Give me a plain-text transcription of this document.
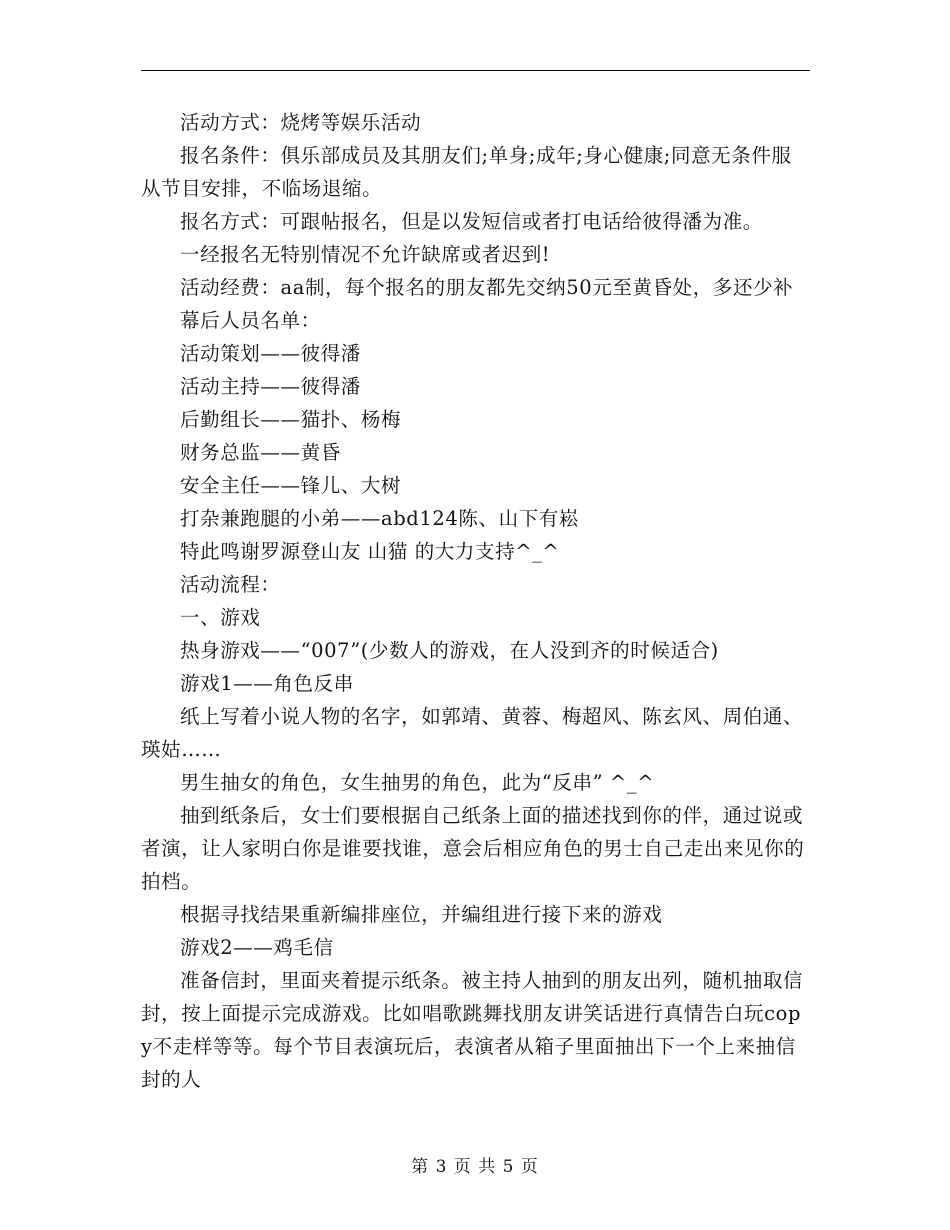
活动方式：烧烤等娱乐活动

报名条件：俱乐部成员及其朋友们;单身;成年;身心健康;同意无条件服从节目安排，不临场退缩。

报名方式：可跟帖报名，但是以发短信或者打电话给彼得潘为准。

一经报名无特别情况不允许缺席或者迟到!

活动经费：aa制，每个报名的朋友都先交纳50元至黄昏处，多还少补

幕后人员名单：

活动策划——彼得潘

活动主持——彼得潘

后勤组长——猫扑、杨梅

财务总监——黄昏

安全主任——锋儿、大树

打杂兼跑腿的小弟——abd124陈、山下有崧

特此鸣谢罗源登山友 山猫 的大力支持^_^

活动流程：

一、游戏

热身游戏——“007”(少数人的游戏，在人没到齐的时候适合)

游戏1——角色反串

纸上写着小说人物的名字，如郭靖、黄蓉、梅超风、陈玄风、周伯通、瑛姑……

男生抽女的角色，女生抽男的角色，此为“反串” ^_^

抽到纸条后，女士们要根据自己纸条上面的描述找到你的伴，通过说或者演，让人家明白你是谁要找谁，意会后相应角色的男士自己走出来见你的拍档。

根据寻找结果重新编排座位，并编组进行接下来的游戏

游戏2——鸡毛信

准备信封，里面夹着提示纸条。被主持人抽到的朋友出列，随机抽取信封，按上面提示完成游戏。比如唱歌跳舞找朋友讲笑话进行真情告白玩copy不走样等等。每个节目表演玩后，表演者从箱子里面抽出下一个上来抽信封的人

第 3 页 共 5 页
